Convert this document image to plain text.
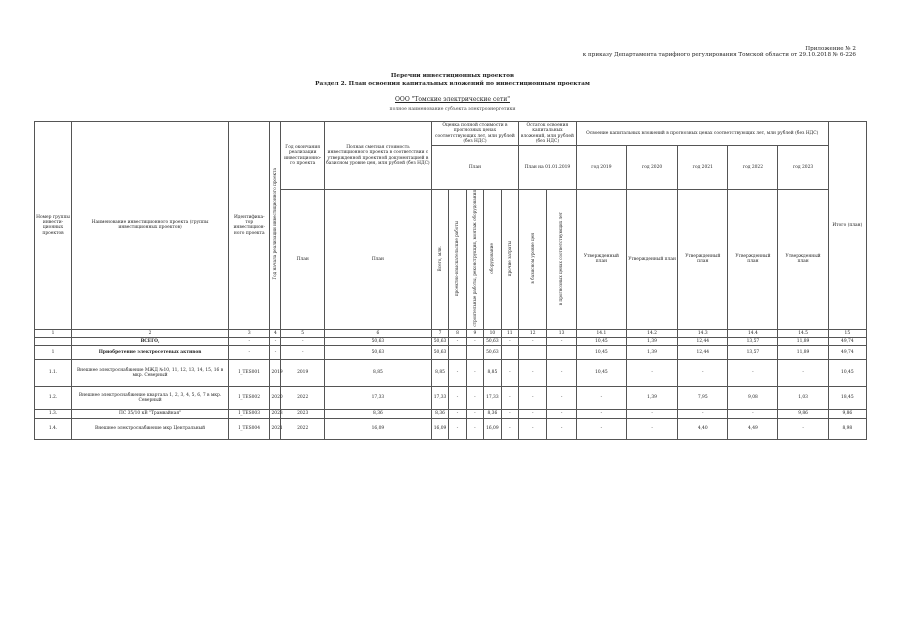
Приложение № 2
к приказу Департамента тарифного регулирования Томской области от 29.10.2018 № 6-226
Перечни инвестиционных проектов
Раздел 2. План освоения капитальных вложений по инвестиционным проектам
ООО "Томские электрические сети"
полное наименование субъекта электроэнергетики
Номер группы инвести-ционных проектов	Наименование инвестиционного проекта (группы инвестиционных проектов)	Идентифика-тор инвестицион-ного проекта	Год начала реализации инвестиционного проекта	Год окончания реализации инвестиционно-го проекта	Полная сметная стоимость инвестиционного проекта в соответствии с утвержденной проектной документацией в базисном уровне цен, млн рублей (без НДС)	Оценка полной стоимости в прогнозных ценах соответствующих лет, млн рублей (без НДС)					Остаток освоения капитальных вложений, млн рублей (без НДС)		Освоение капитальных вложений в прогнозных ценах соответствующих лет, млн рублей (без НДС)					Итого (план)
						План					План на 01.01.2019		год 2019	год 2020	год 2021	год 2022	год 2023	
				План	План	Всего, млн.	проектно-изыскательские работы	строительные работы, реконструкция, монтаж оборудования	оборудование	прочие затраты	в базисном уровне цен	в прогнозных ценах соответствующих лет	Утвержденный план	Утвержденный план	Утвержденный план	Утвержденный план	Утвержденный план	
1	2	3	4	5	6	7	8	9	10	11	12	13	14.1	14.2	14.3	14.4	14.5	15
	ВСЕГО,	-	-	-	50,63	50,63	-	-	50,63	-	-	-	10,45	1,39	12,44	13,57	11,89	49,74
1	Приобретение электросетевых активов	-	-	-	50,63	50,63			50,63				10,45	1,39	12,44	13,57	11,89	49,74
1.1.	Внешнее электроснабжение МЖД №10, 11, 12, 13, 14, 15, 16 в мкр. Северный	I_TES001	2019	2019	8,85	8,85	-	-	8,85	-	-	-	10,45	-	-	-	-	10,45
1.2.	Внешнее электроснабжение квартала 1, 2, 3, 4, 5, 6, 7 в мкр. Северный	I_TES002	2020	2022	17,33	17,33	-	-	17,33	-	-	-	-	1,39	7,95	9,08	1,03	18,45
1.3.	ПС 35/10 кВ "Трамвайная"	I_TES003	2023	2023	8,36	8,36	-	-	8,36	-	-	-	-	-	-	-	9,86	9,86
1.4.	Внешнее электроснабжение мкр Центральный	I_TES004	2021	2022	16,09	16,09	-	-	16,09	-	-	-	-	-	4,40	4,49	-	8,98
